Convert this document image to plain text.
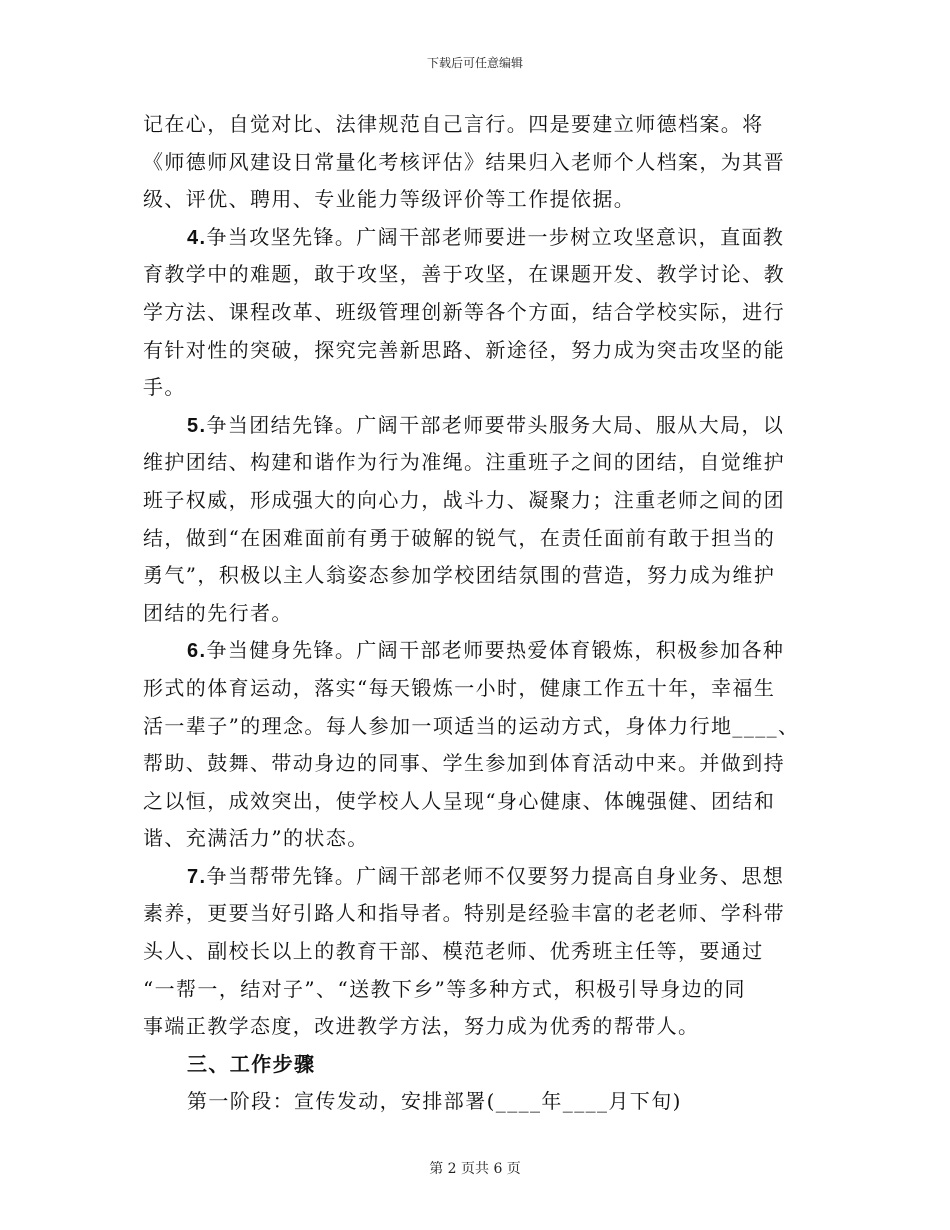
下载后可任意编辑
记在心，自觉对比、法律规范自己言行。四是要建立师德档案。将
《师德师风建设日常量化考核评估》结果归入老师个人档案，为其晋
级、评优、聘用、专业能力等级评价等工作提依据。
4.争当攻坚先锋。广阔干部老师要进一步树立攻坚意识，直面教
育教学中的难题，敢于攻坚，善于攻坚，在课题开发、教学讨论、教
学方法、课程改革、班级管理创新等各个方面，结合学校实际，进行
有针对性的突破，探究完善新思路、新途径，努力成为突击攻坚的能
手。
5.争当团结先锋。广阔干部老师要带头服务大局、服从大局，以
维护团结、构建和谐作为行为准绳。注重班子之间的团结，自觉维护
班子权威，形成强大的向心力，战斗力、凝聚力；注重老师之间的团
结，做到“在困难面前有勇于破解的锐气，在责任面前有敢于担当的
勇气”，积极以主人翁姿态参加学校团结氛围的营造，努力成为维护
团结的先行者。
6.争当健身先锋。广阔干部老师要热爱体育锻炼，积极参加各种
形式的体育运动，落实“每天锻炼一小时，健康工作五十年，幸福生
活一辈子”的理念。每人参加一项适当的运动方式，身体力行地____、
帮助、鼓舞、带动身边的同事、学生参加到体育活动中来。并做到持
之以恒，成效突出，使学校人人呈现“身心健康、体魄强健、团结和
谐、充满活力”的状态。
7.争当帮带先锋。广阔干部老师不仅要努力提高自身业务、思想
素养，更要当好引路人和指导者。特别是经验丰富的老老师、学科带
头人、副校长以上的教育干部、模范老师、优秀班主任等，要通过
“一帮一，结对子”、“送教下乡”等多种方式，积极引导身边的同
事端正教学态度，改进教学方法，努力成为优秀的帮带人。
三、工作步骤
第一阶段：宣传发动，安排部署(____年____月下旬)
第 2 页共 6 页
